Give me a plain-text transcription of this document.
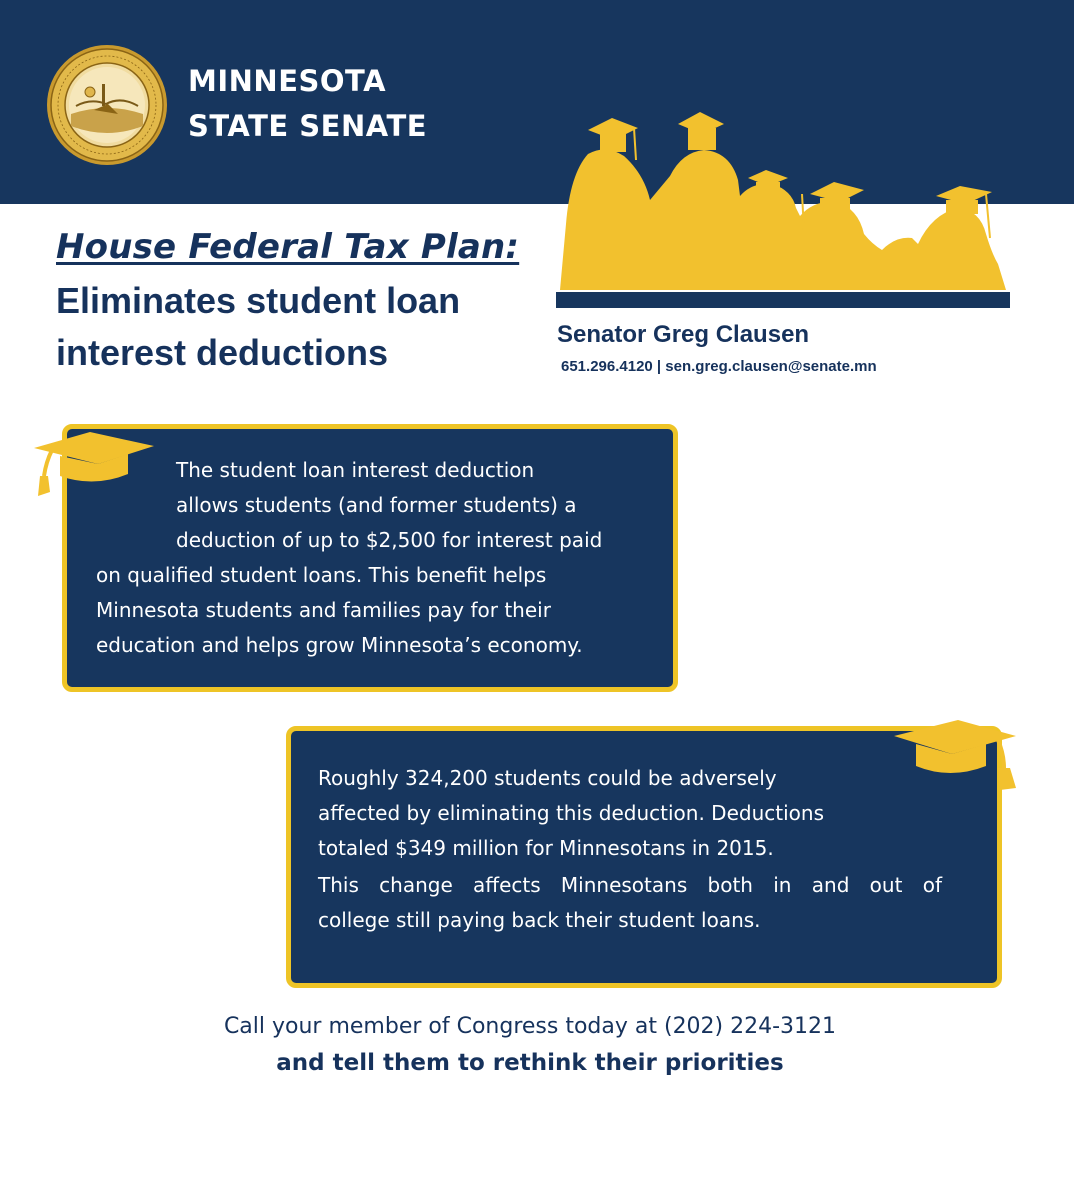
MINNESOTA
STATE SENATE
House Federal Tax Plan:
Eliminates student loan
interest deductions	Senator Greg Clausen
651.296.4120 | sen.greg.clausen@senate.mn
The student loan interest deduction
allows students (and former students) a
deduction of up to $2,500 for interest paid
on qualified student loans. This benefit helps
Minnesota students and families pay for their
education and helps grow Minnesota’s economy.
Roughly 324,200 students could be adversely
affected by eliminating this deduction. Deductions
totaled $349 million for Minnesotans in 2015.
This change affects Minnesotans both in and out of
college still paying back their student loans.
Call your member of Congress today at (202) 224-3121
and tell them to rethink their priorities
